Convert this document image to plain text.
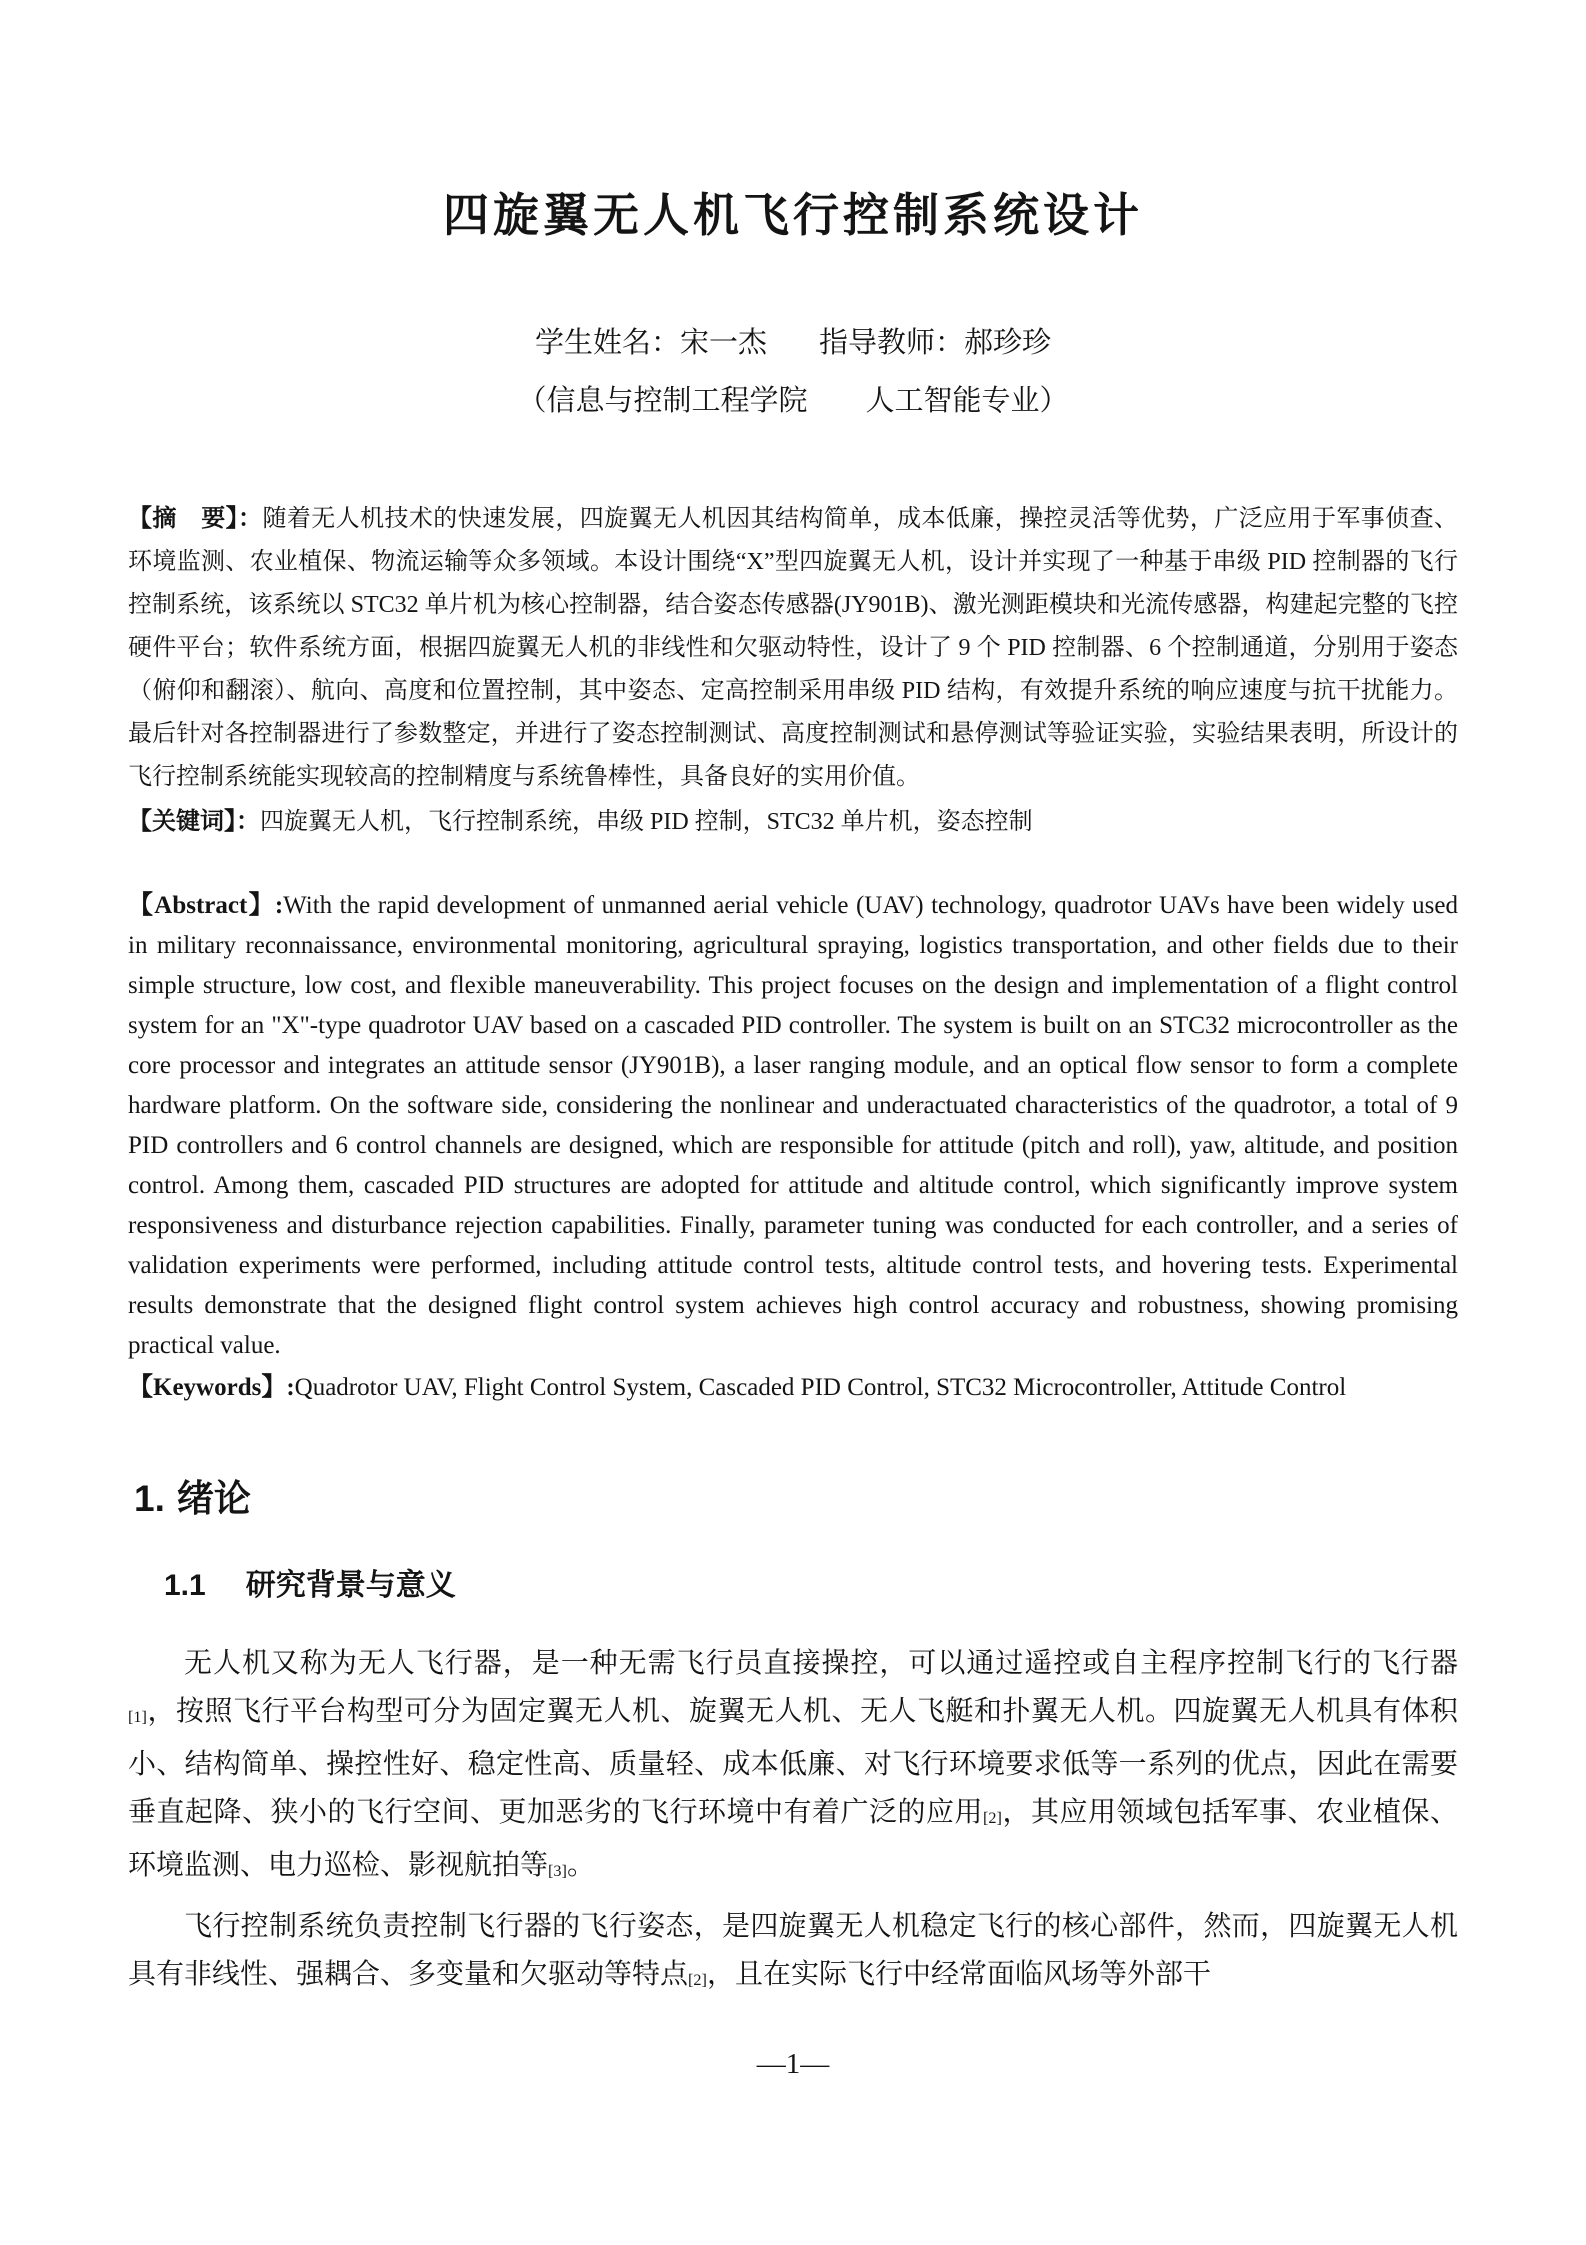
四旋翼无人机飞行控制系统设计
学生姓名：宋一杰 指导教师：郝珍珍
（信息与控制工程学院　　人工智能专业）

【摘　要】：随着无人机技术的快速发展，四旋翼无人机因其结构简单，成本低廉，操控灵活等优势，广泛应用于军事侦查、环境监测、农业植保、物流运输等众多领域。本设计围绕“X”型四旋翼无人机，设计并实现了一种基于串级 PID 控制器的飞行控制系统，该系统以 STC32 单片机为核心控制器，结合姿态传感器(JY901B)、激光测距模块和光流传感器，构建起完整的飞控硬件平台；软件系统方面，根据四旋翼无人机的非线性和欠驱动特性，设计了 9 个 PID 控制器、6 个控制通道，分别用于姿态（俯仰和翻滚）、航向、高度和位置控制，其中姿态、定高控制采用串级 PID 结构，有效提升系统的响应速度与抗干扰能力。最后针对各控制器进行了参数整定，并进行了姿态控制测试、高度控制测试和悬停测试等验证实验，实验结果表明，所设计的飞行控制系统能实现较高的控制精度与系统鲁棒性，具备良好的实用价值。

【关键词】：四旋翼无人机，飞行控制系统，串级 PID 控制，STC32 单片机，姿态控制

【Abstract】:With the rapid development of unmanned aerial vehicle (UAV) technology, quadrotor UAVs have been widely used in military reconnaissance, environmental monitoring, agricultural spraying, logistics transportation, and other fields due to their simple structure, low cost, and flexible maneuverability. This project focuses on the design and implementation of a flight control system for an "X"-type quadrotor UAV based on a cascaded PID controller. The system is built on an STC32 microcontroller as the core processor and integrates an attitude sensor (JY901B), a laser ranging module, and an optical flow sensor to form a complete hardware platform. On the software side, considering the nonlinear and underactuated characteristics of the quadrotor, a total of 9 PID controllers and 6 control channels are designed, which are responsible for attitude (pitch and roll), yaw, altitude, and position control. Among them, cascaded PID structures are adopted for attitude and altitude control, which significantly improve system responsiveness and disturbance rejection capabilities. Finally, parameter tuning was conducted for each controller, and a series of validation experiments were performed, including attitude control tests, altitude control tests, and hovering tests. Experimental results demonstrate that the designed flight control system achieves high control accuracy and robustness, showing promising practical value.

【Keywords】:Quadrotor UAV, Flight Control System, Cascaded PID Control, STC32 Microcontroller, Attitude Control

1. 绪论
1.1 研究背景与意义

无人机又称为无人飞行器，是一种无需飞行员直接操控，可以通过遥控或自主程序控制飞行的飞行器[1]，按照飞行平台构型可分为固定翼无人机、旋翼无人机、无人飞艇和扑翼无人机。四旋翼无人机具有体积小、结构简单、操控性好、稳定性高、质量轻、成本低廉、对飞行环境要求低等一系列的优点，因此在需要垂直起降、狭小的飞行空间、更加恶劣的飞行环境中有着广泛的应用[2]，其应用领域包括军事、农业植保、环境监测、电力巡检、影视航拍等[3]。

飞行控制系统负责控制飞行器的飞行姿态，是四旋翼无人机稳定飞行的核心部件，然而，四旋翼无人机具有非线性、强耦合、多变量和欠驱动等特点[2]，且在实际飞行中经常面临风场等外部干

—1—
